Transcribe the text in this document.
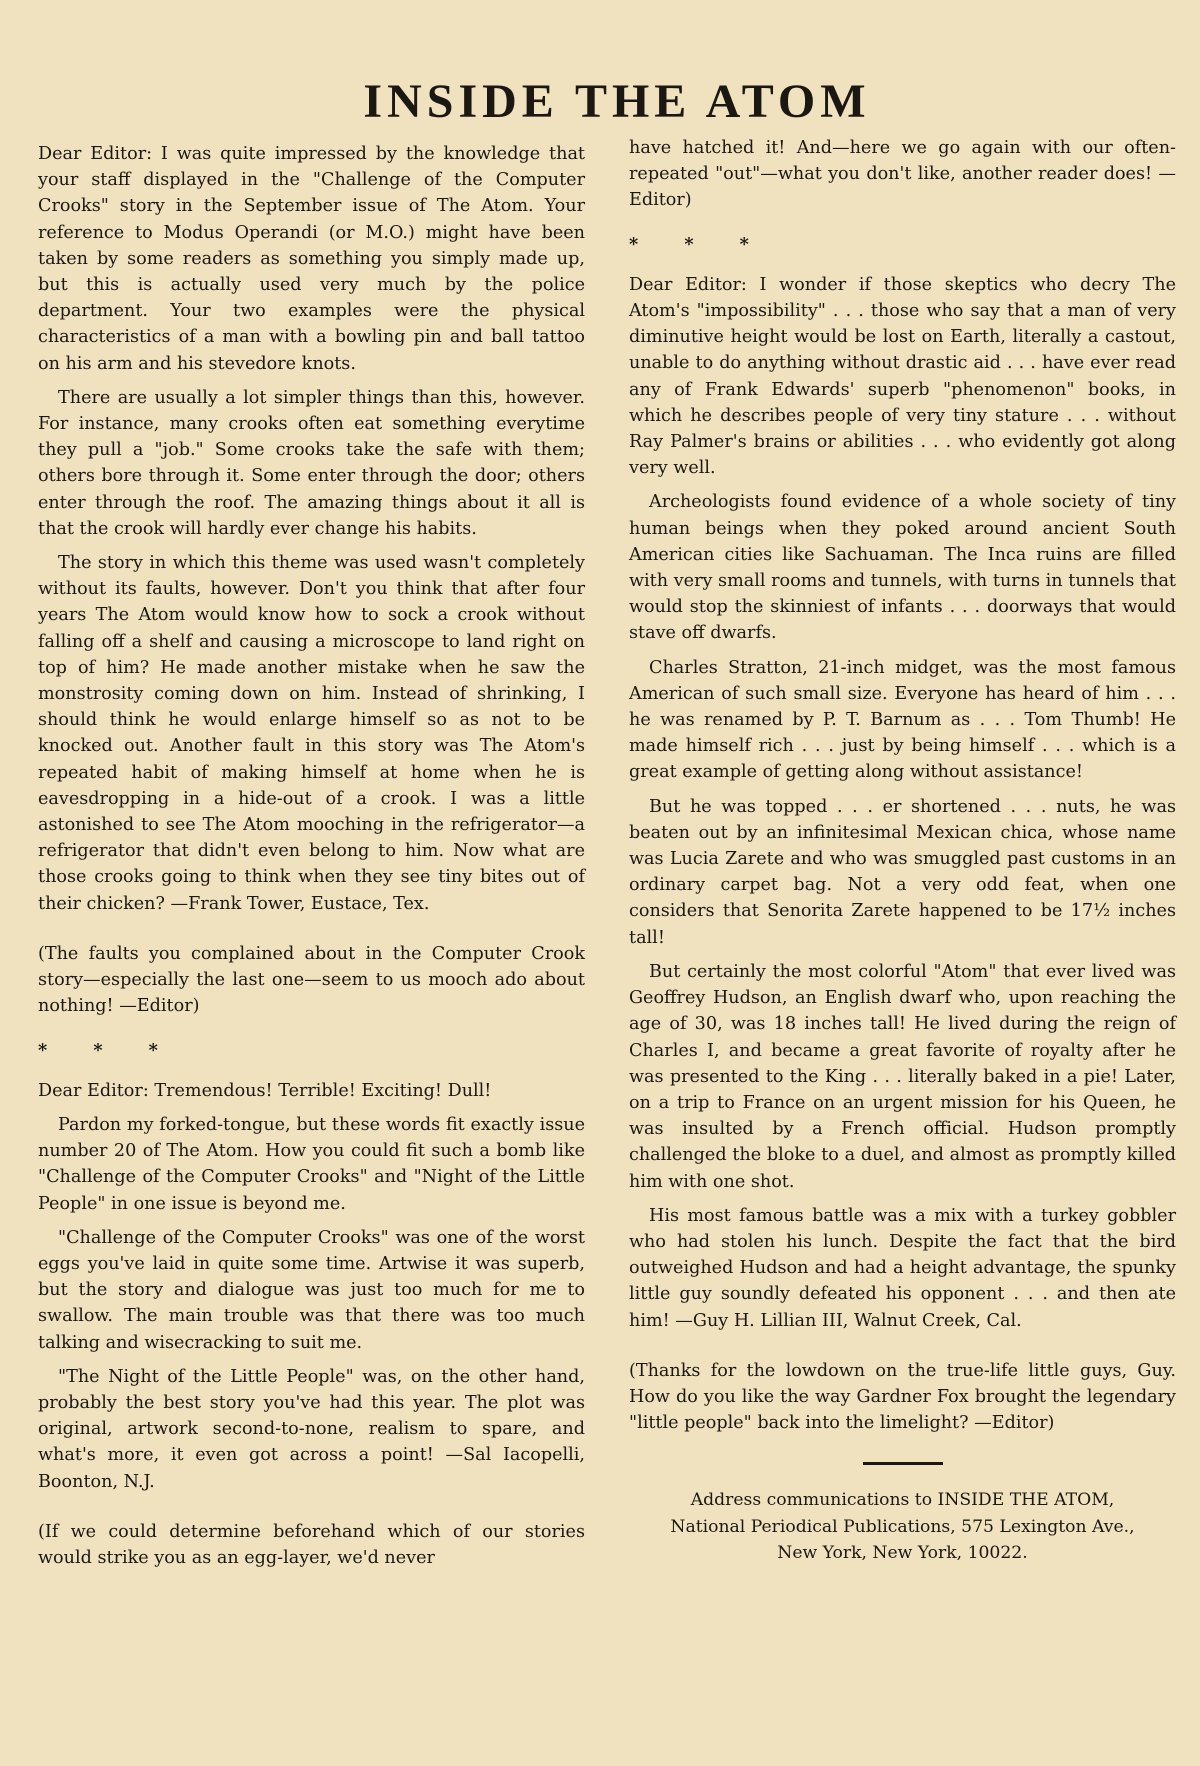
INSIDE THE ATOM

Dear Editor: I was quite impressed by the knowledge that your staff displayed in the "Challenge of the Computer Crooks" story in the September issue of The Atom. Your reference to Modus Operandi (or M.O.) might have been taken by some readers as something you simply made up, but this is actually used very much by the police department. Your two examples were the physical characteristics of a man with a bowling pin and ball tattoo on his arm and his stevedore knots.

There are usually a lot simpler things than this, however. For instance, many crooks often eat something everytime they pull a "job." Some crooks take the safe with them; others bore through it. Some enter through the door; others enter through the roof. The amazing things about it all is that the crook will hardly ever change his habits.

The story in which this theme was used wasn't completely without its faults, however. Don't you think that after four years The Atom would know how to sock a crook without falling off a shelf and causing a microscope to land right on top of him? He made another mistake when he saw the monstrosity coming down on him. Instead of shrinking, I should think he would enlarge himself so as not to be knocked out. Another fault in this story was The Atom's repeated habit of making himself at home when he is eavesdropping in a hide-out of a crook. I was a little astonished to see The Atom mooching in the refrigerator—a refrigerator that didn't even belong to him. Now what are those crooks going to think when they see tiny bites out of their chicken? —Frank Tower, Eustace, Tex.

(The faults you complained about in the Computer Crook story—especially the last one—seem to us mooch ado about nothing! —Editor)

* * *

Dear Editor: Tremendous! Terrible! Exciting! Dull!

Pardon my forked-tongue, but these words fit exactly issue number 20 of The Atom. How you could fit such a bomb like "Challenge of the Computer Crooks" and "Night of the Little People" in one issue is beyond me.

"Challenge of the Computer Crooks" was one of the worst eggs you've laid in quite some time. Artwise it was superb, but the story and dialogue was just too much for me to swallow. The main trouble was that there was too much talking and wisecracking to suit me.

"The Night of the Little People" was, on the other hand, probably the best story you've had this year. The plot was original, artwork second-to-none, realism to spare, and what's more, it even got across a point! —Sal Iacopelli, Boonton, N.J.

(If we could determine beforehand which of our stories would strike you as an egg-layer, we'd never

have hatched it! And—here we go again with our often-repeated "out"—what you don't like, another reader does! —Editor)

* * *

Dear Editor: I wonder if those skeptics who decry The Atom's "impossibility" . . . those who say that a man of very diminutive height would be lost on Earth, literally a castout, unable to do anything without drastic aid . . . have ever read any of Frank Edwards' superb "phenomenon" books, in which he describes people of very tiny stature . . . without Ray Palmer's brains or abilities . . . who evidently got along very well.

Archeologists found evidence of a whole society of tiny human beings when they poked around ancient South American cities like Sachuaman. The Inca ruins are filled with very small rooms and tunnels, with turns in tunnels that would stop the skinniest of infants . . . doorways that would stave off dwarfs.

Charles Stratton, 21-inch midget, was the most famous American of such small size. Everyone has heard of him . . . he was renamed by P. T. Barnum as . . . Tom Thumb! He made himself rich . . . just by being himself . . . which is a great example of getting along without assistance!

But he was topped . . . er shortened . . . nuts, he was beaten out by an infinitesimal Mexican chica, whose name was Lucia Zarete and who was smuggled past customs in an ordinary carpet bag. Not a very odd feat, when one considers that Senorita Zarete happened to be 17½ inches tall!

But certainly the most colorful "Atom" that ever lived was Geoffrey Hudson, an English dwarf who, upon reaching the age of 30, was 18 inches tall! He lived during the reign of Charles I, and became a great favorite of royalty after he was presented to the King . . . literally baked in a pie! Later, on a trip to France on an urgent mission for his Queen, he was insulted by a French official. Hudson promptly challenged the bloke to a duel, and almost as promptly killed him with one shot.

His most famous battle was a mix with a turkey gobbler who had stolen his lunch. Despite the fact that the bird outweighed Hudson and had a height advantage, the spunky little guy soundly defeated his opponent . . . and then ate him! —Guy H. Lillian III, Walnut Creek, Cal.

(Thanks for the lowdown on the true-life little guys, Guy. How do you like the way Gardner Fox brought the legendary "little people" back into the limelight? —Editor)

Address communications to INSIDE THE ATOM,
National Periodical Publications, 575 Lexington Ave.,
New York, New York, 10022.
